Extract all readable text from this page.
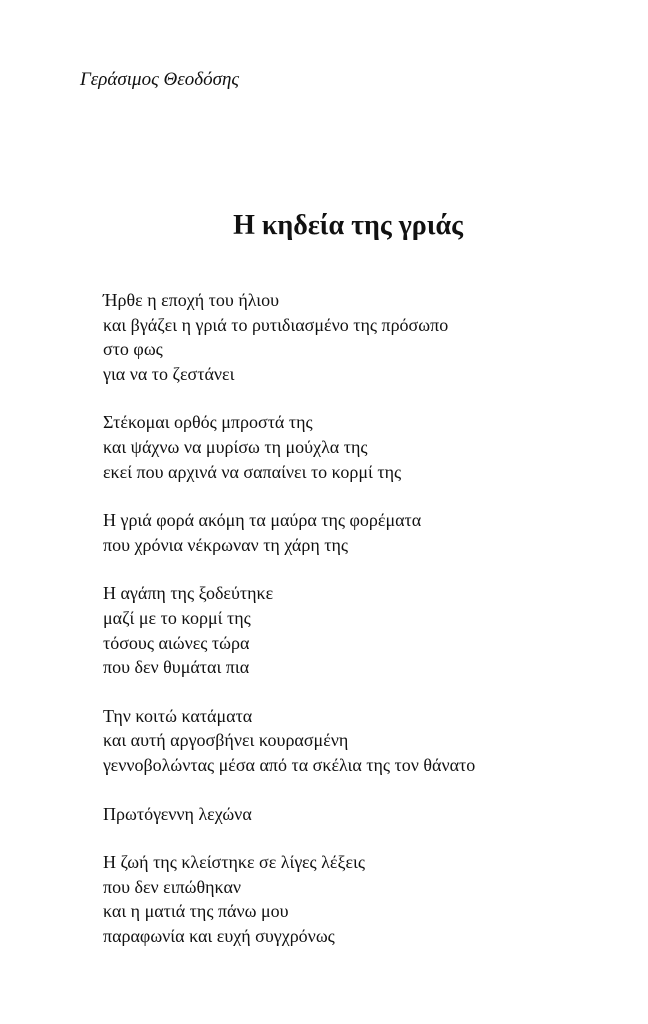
Γεράσιμος Θεοδόσης
Η κηδεία της γριάς
Ήρθε η εποχή του ήλιου
και βγάζει η γριά το ρυτιδιασμένο της πρόσωπο
στο φως
για να το ζεστάνει
Στέκομαι ορθός μπροστά της
και ψάχνω να μυρίσω τη μούχλα της
εκεί που αρχινά να σαπαίνει το κορμί της
Η γριά φορά ακόμη τα μαύρα της φορέματα
που χρόνια νέκρωναν τη χάρη της
Η αγάπη της ξοδεύτηκε
μαζί με το κορμί της
τόσους αιώνες τώρα
που δεν θυμάται πια
Την κοιτώ κατάματα
και αυτή αργοσβήνει κουρασμένη
γεννοβολώντας μέσα από τα σκέλια της τον θάνατο
Πρωτόγεννη λεχώνα
Η ζωή της κλείστηκε σε λίγες λέξεις
που δεν ειπώθηκαν
και η ματιά της πάνω μου
παραφωνία και ευχή συγχρόνως
